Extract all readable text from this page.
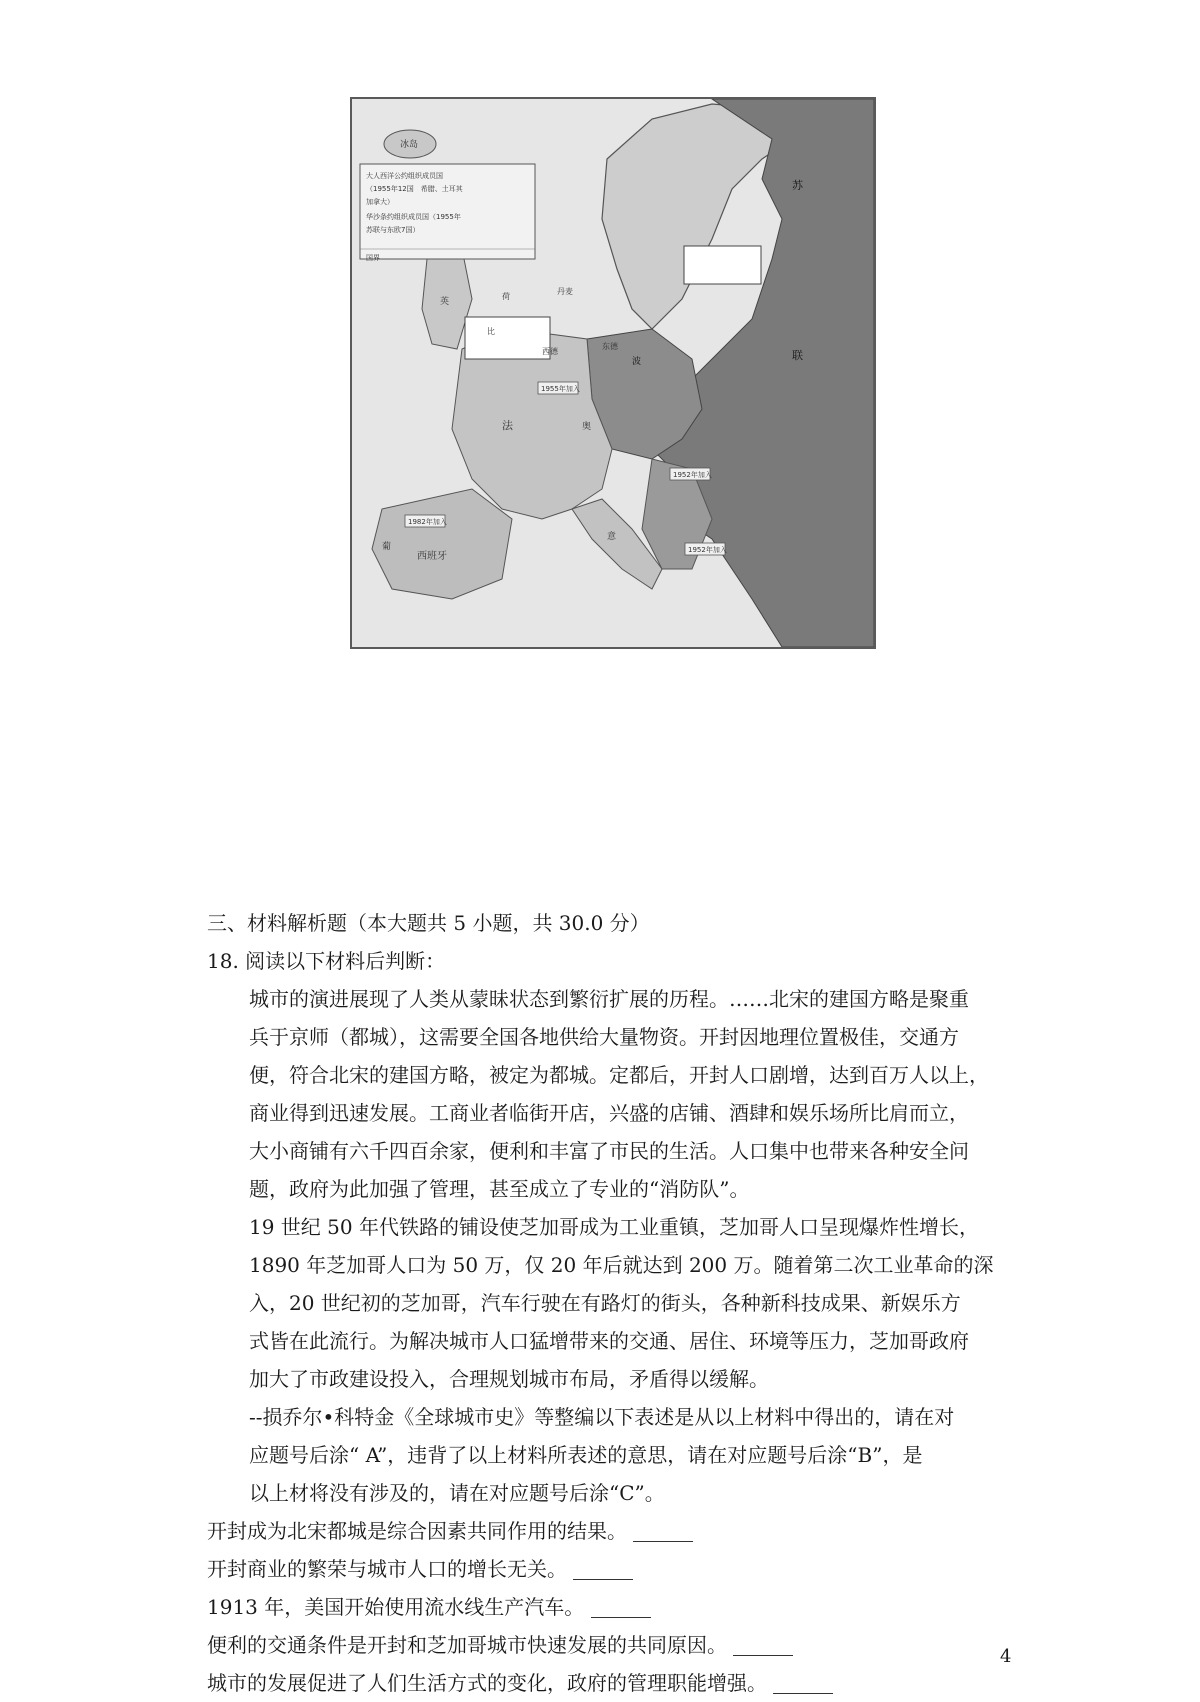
大人西洋公约组织成员国
（1955年12国　希腊、土耳其
加拿大）
华沙条约组织成员国（1955年
苏联与东欧7国）
国界
冰岛
苏
联
波
西德
东德
法
意
奥
葡
西班牙
英
荷
比
丹麦
1955年加入
1952年加入
1982年加入
1952年加入
三、材料解析题（本大题共 5 小题，共 30.0 分）
18. 阅读以下材料后判断：
城市的演进展现了人类从蒙昧状态到繁衍扩展的历程。……北宋的建国方略是聚重
兵于京师（都城），这需要全国各地供给大量物资。开封因地理位置极佳，交通方
便，符合北宋的建国方略，被定为都城。定都后，开封人口剧增，达到百万人以上，
商业得到迅速发展。工商业者临街开店，兴盛的店铺、酒肆和娱乐场所比肩而立，
大小商铺有六千四百余家，便利和丰富了市民的生活。人口集中也带来各种安全问
题，政府为此加强了管理，甚至成立了专业的“消防队”。
19 世纪 50 年代铁路的铺设使芝加哥成为工业重镇，芝加哥人口呈现爆炸性增长，
1890 年芝加哥人口为 50 万，仅 20 年后就达到 200 万。随着第二次工业革命的深
入，20 世纪初的芝加哥，汽车行驶在有路灯的街头，各种新科技成果、新娱乐方
式皆在此流行。为解决城市人口猛增带来的交通、居住、环境等压力，芝加哥政府
加大了市政建设投入，合理规划城市布局，矛盾得以缓解。
--损乔尔•科特金《全球城市史》等整编以下表述是从以上材料中得出的，请在对
应题号后涂“ A”，违背了以上材料所表述的意思，请在对应题号后涂“B”，是
以上材将没有涉及的，请在对应题号后涂“C”。
开封成为北宋都城是综合因素共同作用的结果。
开封商业的繁荣与城市人口的增长无关。
1913 年，美国开始使用流水线生产汽车。
便利的交通条件是开封和芝加哥城市快速发展的共同原因。
城市的发展促进了人们生活方式的变化，政府的管理职能增强。
4
